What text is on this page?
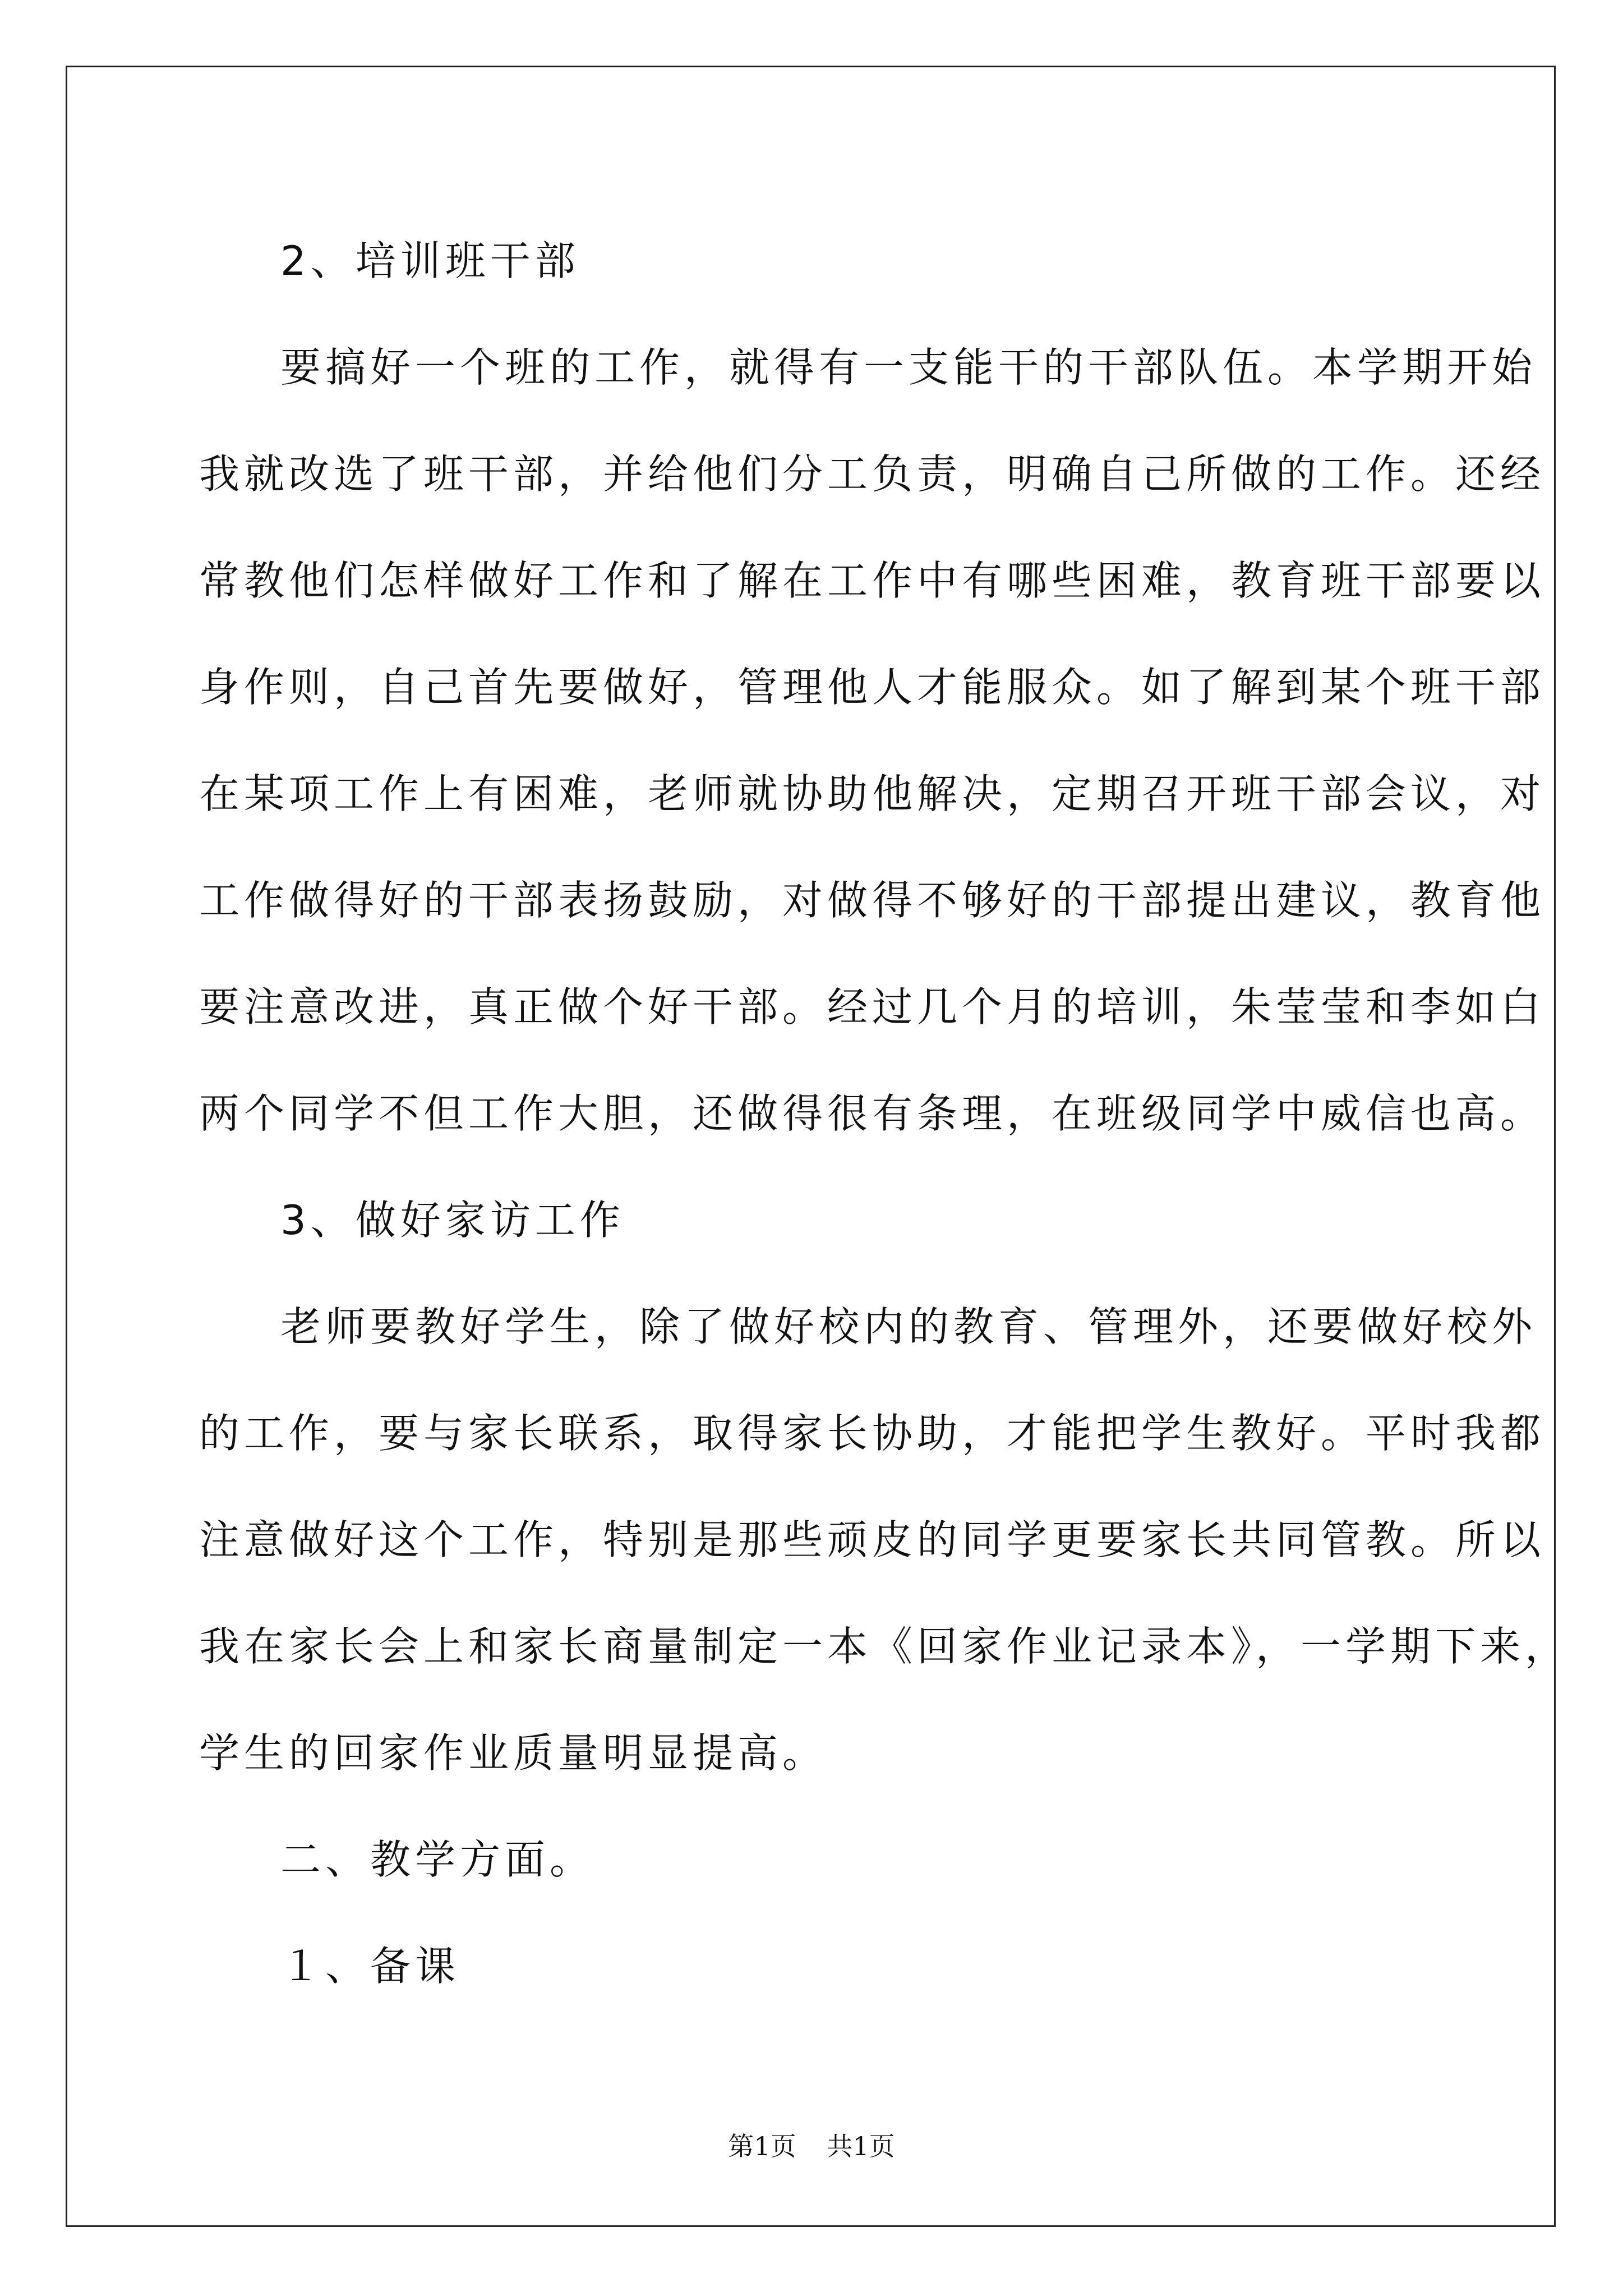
2、培训班干部
要搞好一个班的工作，就得有一支能干的干部队伍。本学期开始
我就改选了班干部，并给他们分工负责，明确自己所做的工作。还经
常教他们怎样做好工作和了解在工作中有哪些困难，教育班干部要以
身作则，自己首先要做好，管理他人才能服众。如了解到某个班干部
在某项工作上有困难，老师就协助他解决，定期召开班干部会议，对
工作做得好的干部表扬鼓励，对做得不够好的干部提出建议，教育他
要注意改进，真正做个好干部。经过几个月的培训，朱莹莹和李如白
两个同学不但工作大胆，还做得很有条理，在班级同学中威信也高。
3、做好家访工作
老师要教好学生，除了做好校内的教育、管理外，还要做好校外
的工作，要与家长联系，取得家长协助，才能把学生教好。平时我都
注意做好这个工作，特别是那些顽皮的同学更要家长共同管教。所以
我在家长会上和家长商量制定一本《回家作业记录本》，一学期下来，
学生的回家作业质量明显提高。
二、教学方面。
１、备课
第1页 共1页
